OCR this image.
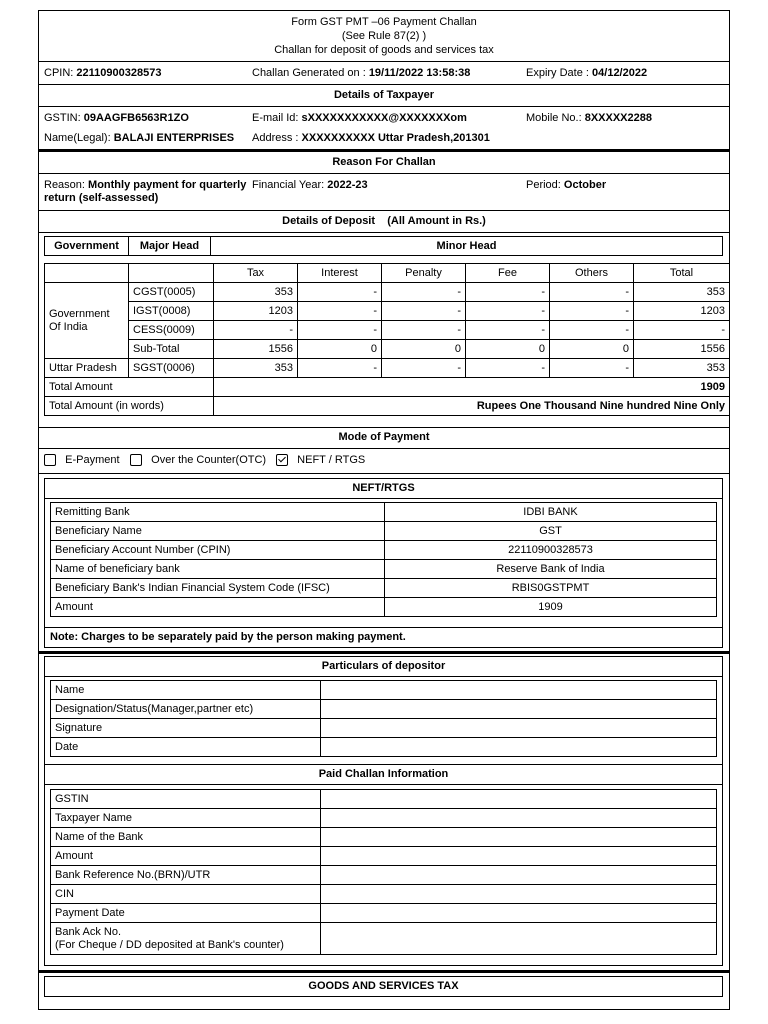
Form GST PMT –06 Payment Challan
(See Rule 87(2) )
Challan for deposit of goods and services tax
CPIN: 22110900328573	Challan Generated on : 19/11/2022 13:58:38	Expiry Date : 04/12/2022
Details of Taxpayer
GSTIN: 09AAGFB6563R1ZO	E-mail Id: sXXXXXXXXXXX@XXXXXXXom	Mobile No.: 8XXXXX2288
Name(Legal): BALAJI ENTERPRISES Address : XXXXXXXXXX Uttar Pradesh,201301
Reason For Challan
Reason: Monthly payment for quarterly
return (self-assessed)
Financial Year: 2022-23	Period: October
Details of Deposit (All Amount in Rs.)
Government	Major Head	Minor Head
		Tax	Interest	Penalty	Fee	Others	Total
Government
Of India	CGST(0005)	353	-	-	-	-	353
	IGST(0008)	1203	-	-	-	-	1203
	CESS(0009)	-	-	-	-	-	-
	Sub-Total	1556	0	0	0	0	1556
Uttar Pradesh	SGST(0006)	353	-	-	-	-	353
Total Amount		1909					
Total Amount (in words)		Rupees One Thousand Nine hundred Nine Only					
Mode of Payment
E-Payment	Over the Counter(OTC)	NEFT / RTGS
NEFT/RTGS
Remitting Bank	IDBI BANK
Beneficiary Name	GST
Beneficiary Account Number (CPIN)	22110900328573
Name of beneficiary bank	Reserve Bank of India
Beneficiary Bank's Indian Financial System Code (IFSC)	RBIS0GSTPMT
Amount	1909
Note: Charges to be separately paid by the person making payment.
Particulars of depositor
Name	
Designation/Status(Manager,partner etc)	
Signature	
Date	
Paid Challan Information
GSTIN	
Taxpayer Name	
Name of the Bank	
Amount	
Bank Reference No.(BRN)/UTR	
CIN	
Payment Date	
Bank Ack No.
(For Cheque / DD deposited at Bank's counter)	
GOODS AND SERVICES TAX
